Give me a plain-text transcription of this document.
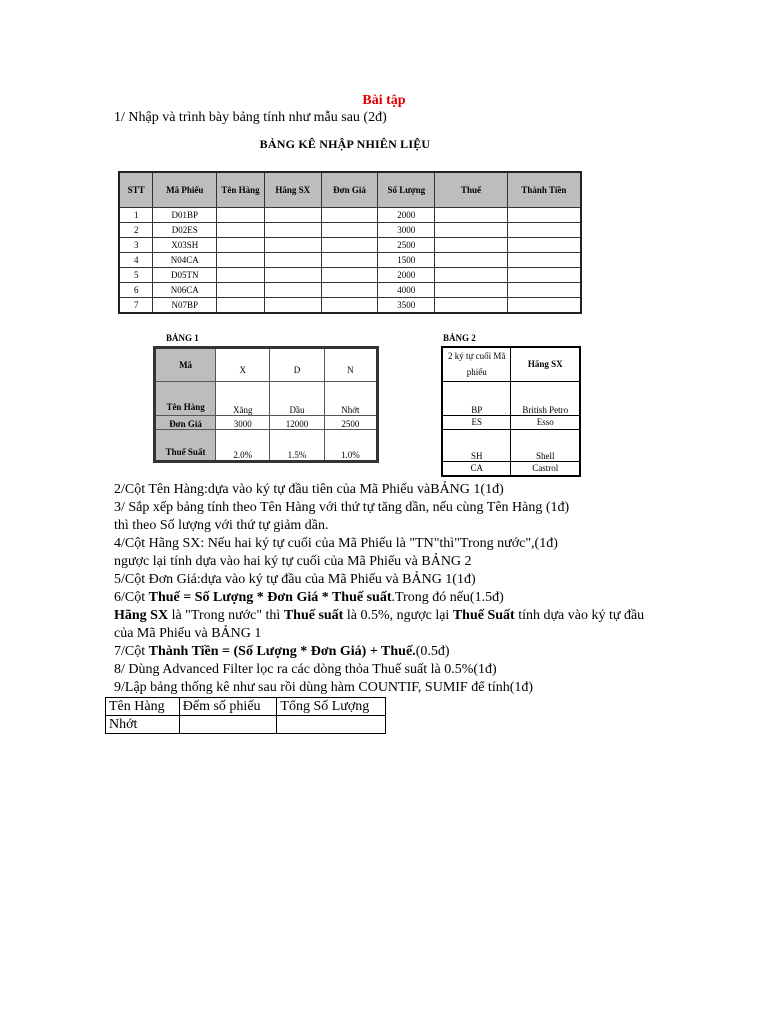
Bài tập
1/ Nhập và trình bày bảng tính như mẫu sau (2đ)
BẢNG KÊ NHẬP NHIÊN LIỆU
STT	Mã Phiếu	Tên Hàng	Hãng SX	Đơn Giá	Số Lượng	Thuế	Thành Tiền
1	D01BP				2000		
2	D02ES				3000		
3	X03SH				2500		
4	N04CA				1500		
5	D05TN				2000		
6	N06CA				4000		
7	N07BP				3500		
BẢNG 1
Mã	X	D	N
Tên Hàng	Xăng	Dầu	Nhớt
Đơn Giá	3000	12000	2500
Thuế Suất	2.0%	1.5%	1.0%
BẢNG 2
2 ký tự cuối Mã phiếu	Hãng SX
BP	British Petro
ES	Esso
SH	Shell
CA	Castrol
2/Cột Tên Hàng:dựa vào ký tự đầu tiên của Mã Phiếu vàBẢNG 1(1đ)
3/ Sắp xếp bảng tính theo Tên Hàng với thứ tự tăng dần, nếu cùng Tên Hàng (1đ)
thì theo Số lượng với thứ tự giảm dần.
4/Cột Hãng SX: Nếu hai ký tự cuối của Mã Phiếu là "TN"thì"Trong nước",(1đ)
ngược lại tính dựa vào hai ký tự cuối của Mã Phiếu và BẢNG 2
5/Cột Đơn Giá:dựa vào ký tự đầu của Mã Phiếu và BẢNG 1(1đ)
6/Cột Thuế = Số Lượng * Đơn Giá * Thuế suất.Trong đó nếu(1.5đ)
Hãng SX là "Trong nước" thì Thuế suất là 0.5%, ngược lại Thuế Suất tính dựa vào ký tự đầu
của Mã Phiếu và BẢNG 1
7/Cột Thành Tiền = (Số Lượng * Đơn Giá) + Thuế.(0.5đ)
8/ Dùng Advanced Filter lọc ra các dòng thỏa Thuế suất là 0.5%(1đ)
9/Lập bảng thống kê như sau rồi dùng hàm COUNTIF, SUMIF để tính(1đ)
Tên Hàng	Đếm số phiếu	Tổng Số Lượng
Nhớt		
